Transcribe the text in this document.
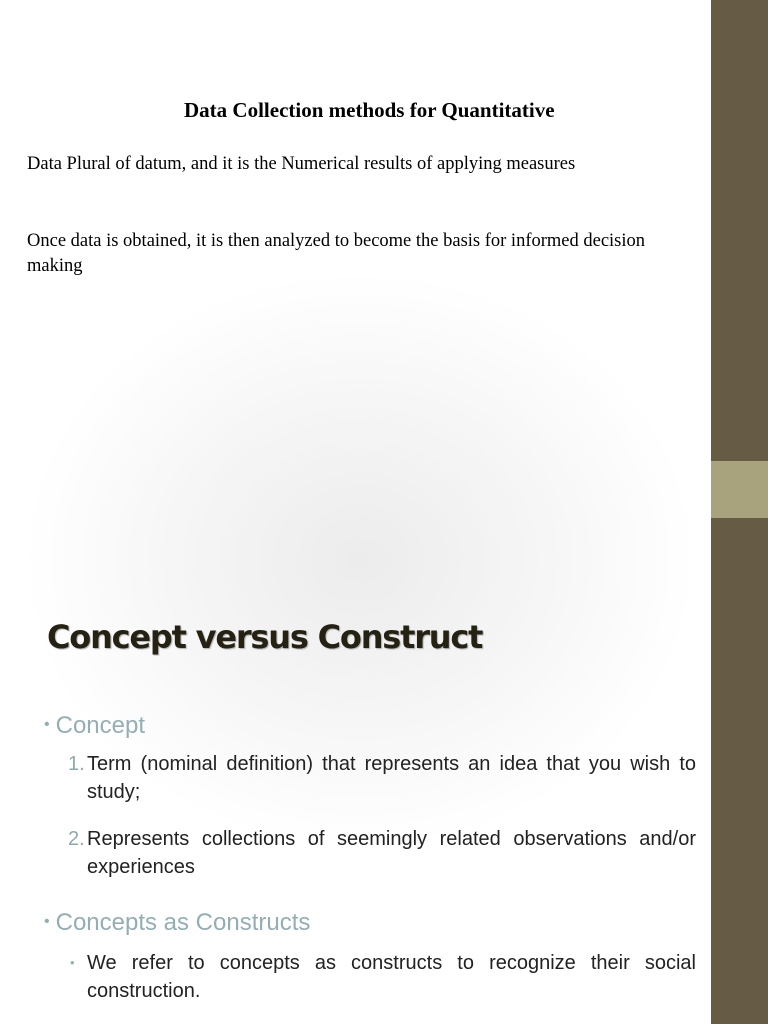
Data Collection methods for Quantitative
Data Plural of datum, and it is the Numerical results of applying measures
Once data is obtained, it is then analyzed to become the basis for informed decision making
Concept versus Construct
• Concept
1. Term (nominal definition) that represents an idea that you wish to study;
2. Represents collections of seemingly related observations and/or experiences
• Concepts as Constructs
• We refer to concepts as constructs to recognize their social construction.
